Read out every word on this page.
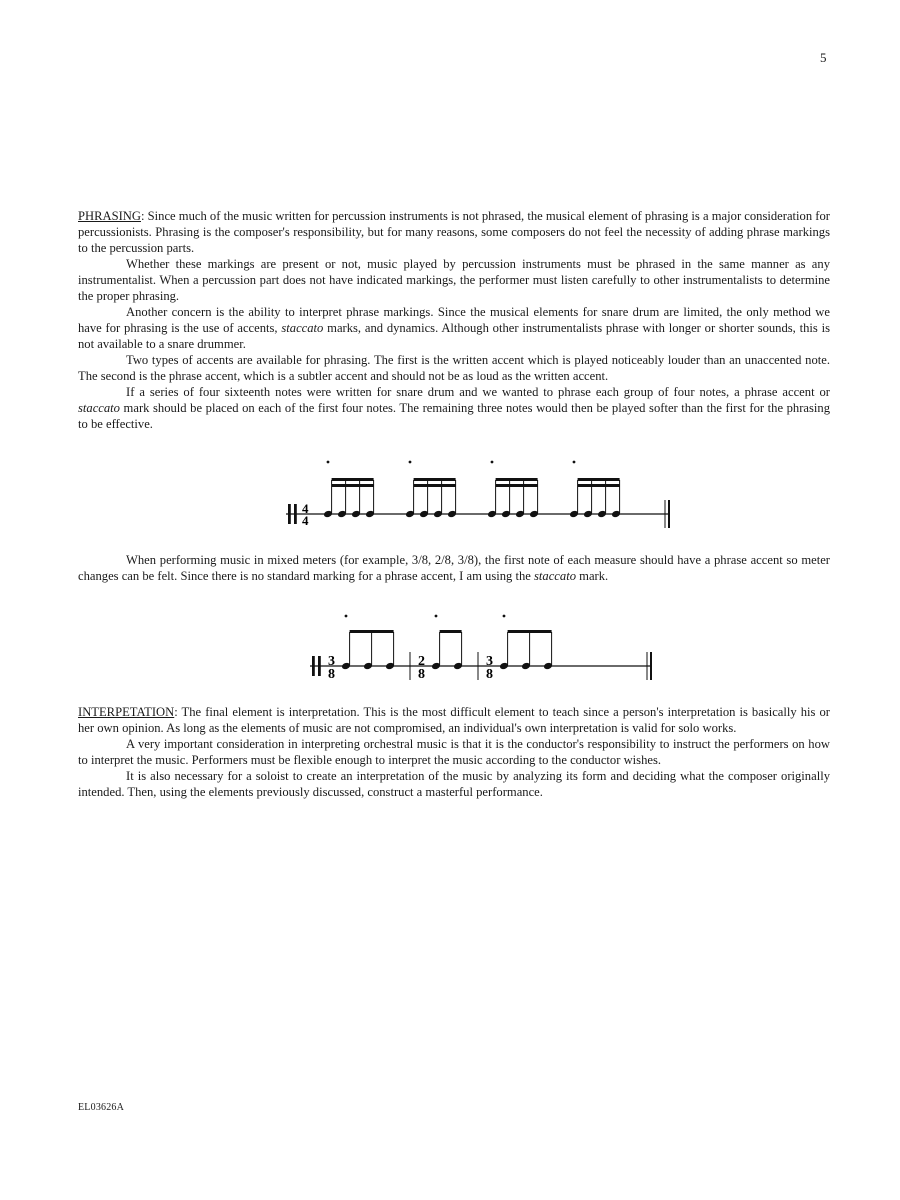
5

PHRASING: Since much of the music written for percussion instruments is not phrased, the musical element of phrasing is a major consideration for percussionists. Phrasing is the composer's responsibility, but for many reasons, some composers do not feel the necessity of adding phrase markings to the percussion parts.

Whether these markings are present or not, music played by percussion instruments must be phrased in the same manner as any instrumentalist. When a percussion part does not have indicated markings, the performer must listen carefully to other instrumentalists to determine the proper phrasing.

Another concern is the ability to interpret phrase markings. Since the musical elements for snare drum are limited, the only method we have for phrasing is the use of accents, staccato marks, and dynamics. Although other instrumentalists phrase with longer or shorter sounds, this is not available to a snare drummer.

Two types of accents are available for phrasing. The first is the written accent which is played noticeably louder than an unaccented note. The second is the phrase accent, which is a subtler accent and should not be as loud as the written accent.

If a series of four sixteenth notes were written for snare drum and we wanted to phrase each group of four notes, a phrase accent or staccato mark should be placed on each of the first four notes. The remaining three notes would then be played softer than the first for the phrasing to be effective.

4
4

When performing music in mixed meters (for example, 3/8, 2/8, 3/8), the first note of each measure should have a phrase accent so meter changes can be felt. Since there is no standard marking for a phrase accent, I am using the staccato mark.

3
8
2
8
3
8

INTERPETATION: The final element is interpretation. This is the most difficult element to teach since a person's interpretation is basically his or her own opinion. As long as the elements of music are not compromised, an individual's own interpretation is valid for solo works.

A very important consideration in interpreting orchestral music is that it is the conductor's responsibility to instruct the performers on how to interpret the music. Performers must be flexible enough to interpret the music according to the conductor wishes.

It is also necessary for a soloist to create an interpretation of the music by analyzing its form and deciding what the composer originally intended. Then, using the elements previously discussed, construct a masterful performance.

EL03626A
